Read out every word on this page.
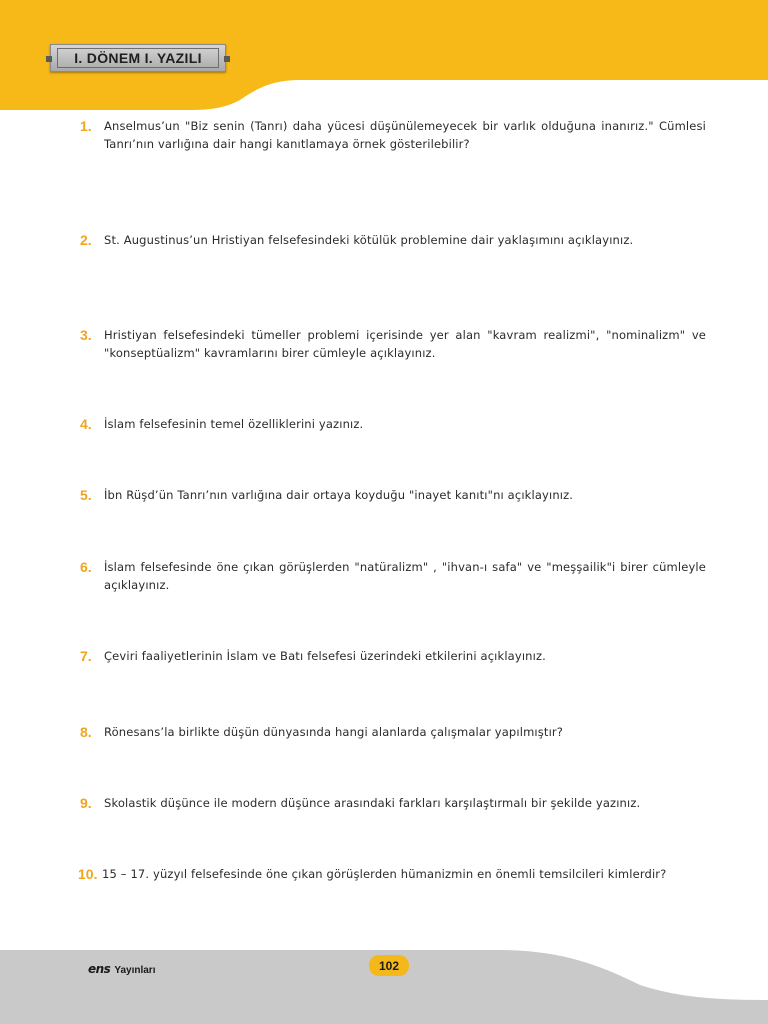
I. DÖNEM I. YAZILI
1.	Anselmus’un "Biz senin (Tanrı) daha yücesi düşünülemeyecek bir varlık olduğuna inanırız." Cümlesi Tanrı’nın varlığına dair hangi kanıtlamaya örnek gösterilebilir?
2.	St. Augustinus’un Hristiyan felsefesindeki kötülük problemine dair yaklaşımını açıklayınız.
3.	Hristiyan felsefesindeki tümeller problemi içerisinde yer alan "kavram realizmi", "nominalizm" ve "konseptüalizm" kavramlarını birer cümleyle açıklayınız.
4.	İslam felsefesinin temel özelliklerini yazınız.
5.	İbn Rüşd’ün Tanrı’nın varlığına dair ortaya koyduğu "inayet kanıtı"nı açıklayınız.
6.	İslam felsefesinde öne çıkan görüşlerden "natüralizm" , "ihvan-ı safa" ve "meşşailik"i birer cümleyle açıklayınız.
7.	Çeviri faaliyetlerinin İslam ve Batı felsefesi üzerindeki etkilerini açıklayınız.
8.	Rönesans’la birlikte düşün dünyasında hangi alanlarda çalışmalar yapılmıştır?
9.	Skolastik düşünce ile modern düşünce arasındaki farkları karşılaştırmalı bir şekilde yazınız.
10. 15 – 17. yüzyıl felsefesinde öne çıkan görüşlerden hümanizmin en önemli temsilcileri kimlerdir?
ens Yayınları	102
